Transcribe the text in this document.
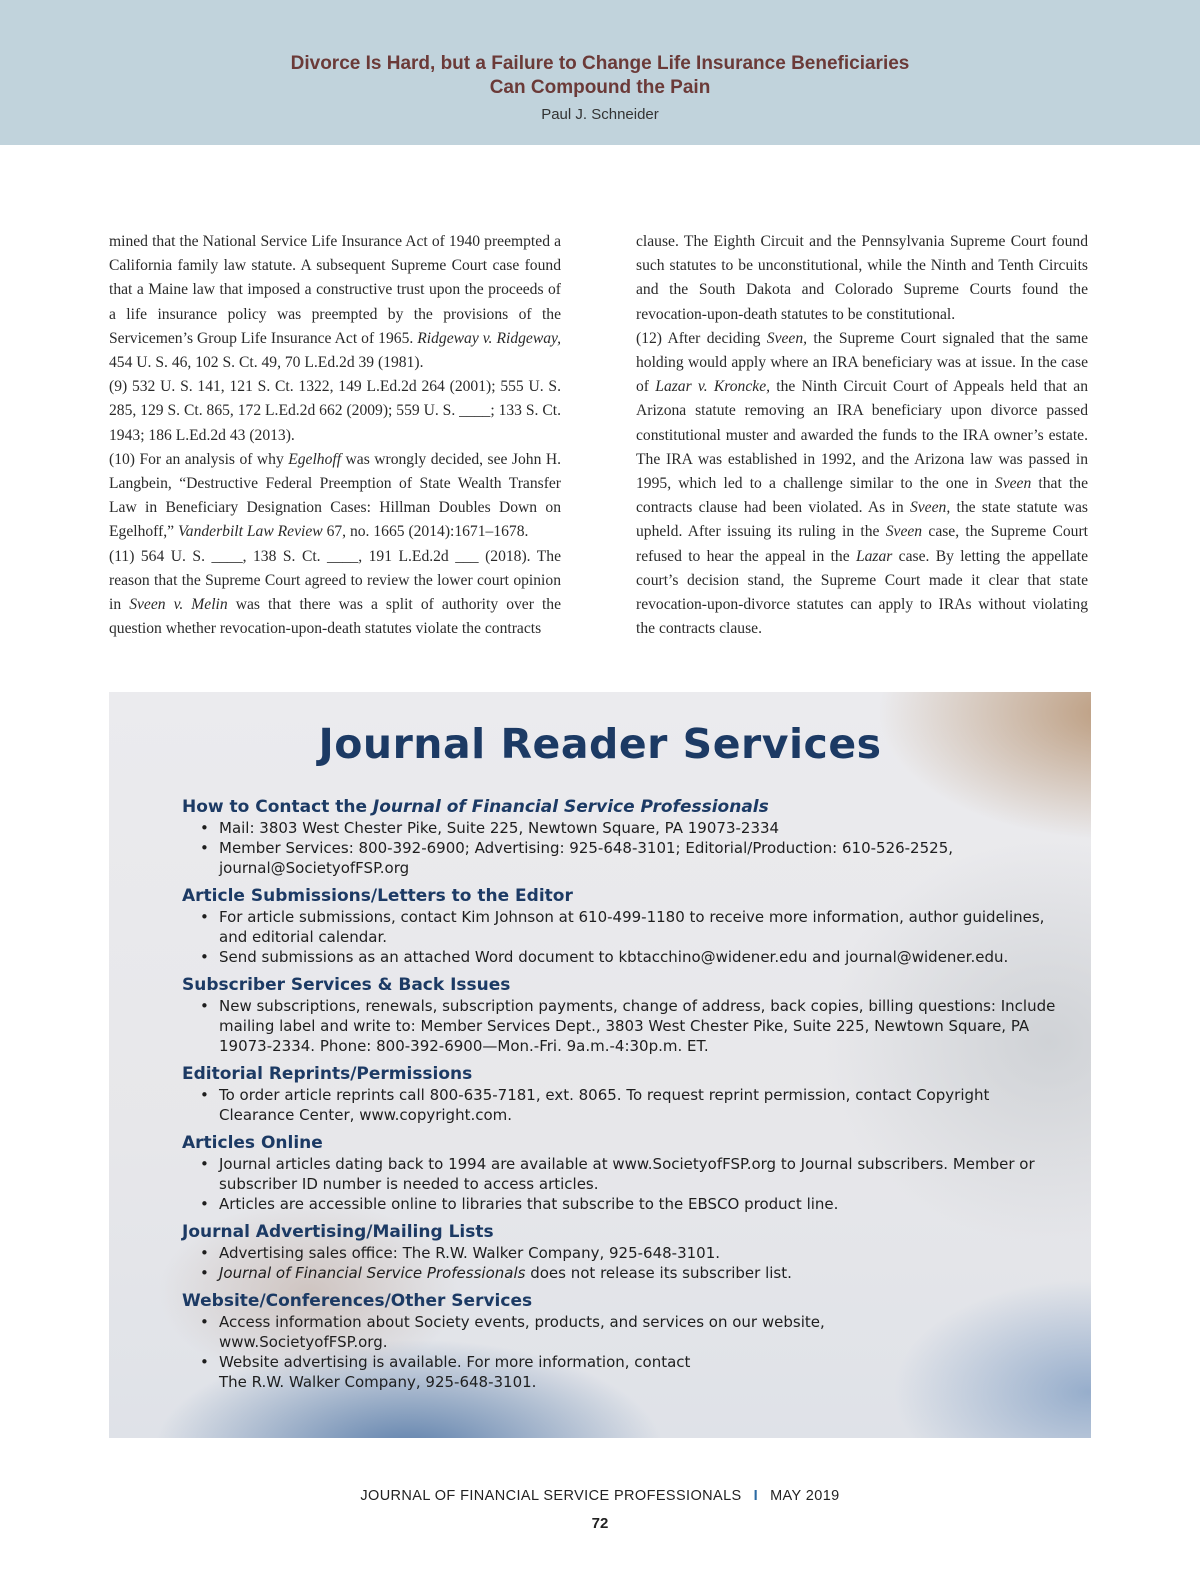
Divorce Is Hard, but a Failure to Change Life Insurance Beneficiaries
Can Compound the Pain
Paul J. Schneider

mined that the National Service Life Insurance Act of 1940 preempted a California family law statute. A subsequent Supreme Court case found that a Maine law that imposed a constructive trust upon the proceeds of a life insurance policy was preempted by the provisions of the Servicemen’s Group Life Insurance Act of 1965. Ridgeway v. Ridgeway, 454 U. S. 46, 102 S. Ct. 49, 70 L.Ed.2d 39 (1981).

(9) 532 U. S. 141, 121 S. Ct. 1322, 149 L.Ed.2d 264 (2001); 555 U. S. 285, 129 S. Ct. 865, 172 L.Ed.2d 662 (2009); 559 U. S. ____; 133 S. Ct. 1943; 186 L.Ed.2d 43 (2013).

(10) For an analysis of why Egelhoff was wrongly decided, see John H. Langbein, “Destructive Federal Preemption of State Wealth Transfer Law in Beneficiary Designation Cases: Hillman Doubles Down on Egelhoff,” Vanderbilt Law Review 67, no. 1665 (2014):1671–1678.

(11) 564 U. S. ____, 138 S. Ct. ____, 191 L.Ed.2d ___ (2018). The reason that the Supreme Court agreed to review the lower court opinion in Sveen v. Melin was that there was a split of authority over the question whether revocation-upon-death statutes violate the contracts

clause. The Eighth Circuit and the Pennsylvania Supreme Court found such statutes to be unconstitutional, while the Ninth and Tenth Circuits and the South Dakota and Colorado Supreme Courts found the revocation-upon-death statutes to be constitutional.

(12) After deciding Sveen, the Supreme Court signaled that the same holding would apply where an IRA beneficiary was at issue. In the case of Lazar v. Kroncke, the Ninth Circuit Court of Appeals held that an Arizona statute removing an IRA beneficiary upon divorce passed constitutional muster and awarded the funds to the IRA owner’s estate. The IRA was established in 1992, and the Arizona law was passed in 1995, which led to a challenge similar to the one in Sveen that the contracts clause had been violated. As in Sveen, the state statute was upheld. After issuing its ruling in the Sveen case, the Supreme Court refused to hear the appeal in the Lazar case. By letting the appellate court’s decision stand, the Supreme Court made it clear that state revocation-upon-divorce statutes can apply to IRAs without violating the contracts clause.

Journal Reader Services
How to Contact the Journal of Financial Service Professionals
• Mail: 3803 West Chester Pike, Suite 225, Newtown Square, PA 19073-2334
• Member Services: 800-392-6900; Advertising: 925-648-3101; Editorial/Production: 610-526-2525, journal@SocietyofFSP.org
Article Submissions/Letters to the Editor
• For article submissions, contact Kim Johnson at 610-499-1180 to receive more information, author guidelines, and editorial calendar.
• Send submissions as an attached Word document to kbtacchino@widener.edu and journal@widener.edu.
Subscriber Services & Back Issues
• New subscriptions, renewals, subscription payments, change of address, back copies, billing questions: Include mailing label and write to: Member Services Dept., 3803 West Chester Pike, Suite 225, Newtown Square, PA 19073-2334. Phone: 800-392-6900—Mon.-Fri. 9a.m.-4:30p.m. ET.
Editorial Reprints/Permissions
• To order article reprints call 800-635-7181, ext. 8065. To request reprint permission, contact Copyright Clearance Center, www.copyright.com.
Articles Online
• Journal articles dating back to 1994 are available at www.SocietyofFSP.org to Journal subscribers. Member or subscriber ID number is needed to access articles.
• Articles are accessible online to libraries that subscribe to the EBSCO product line.
Journal Advertising/Mailing Lists
• Advertising sales office: The R.W. Walker Company, 925-648-3101.
• Journal of Financial Service Professionals does not release its subscriber list.
Website/Conferences/Other Services
• Access information about Society events, products, and services on our website,
www.SocietyofFSP.org.
• Website advertising is available. For more information, contact
The R.W. Walker Company, 925-648-3101.
JOURNAL OF FINANCIAL SERVICE PROFESSIONALS I MAY 2019
72
